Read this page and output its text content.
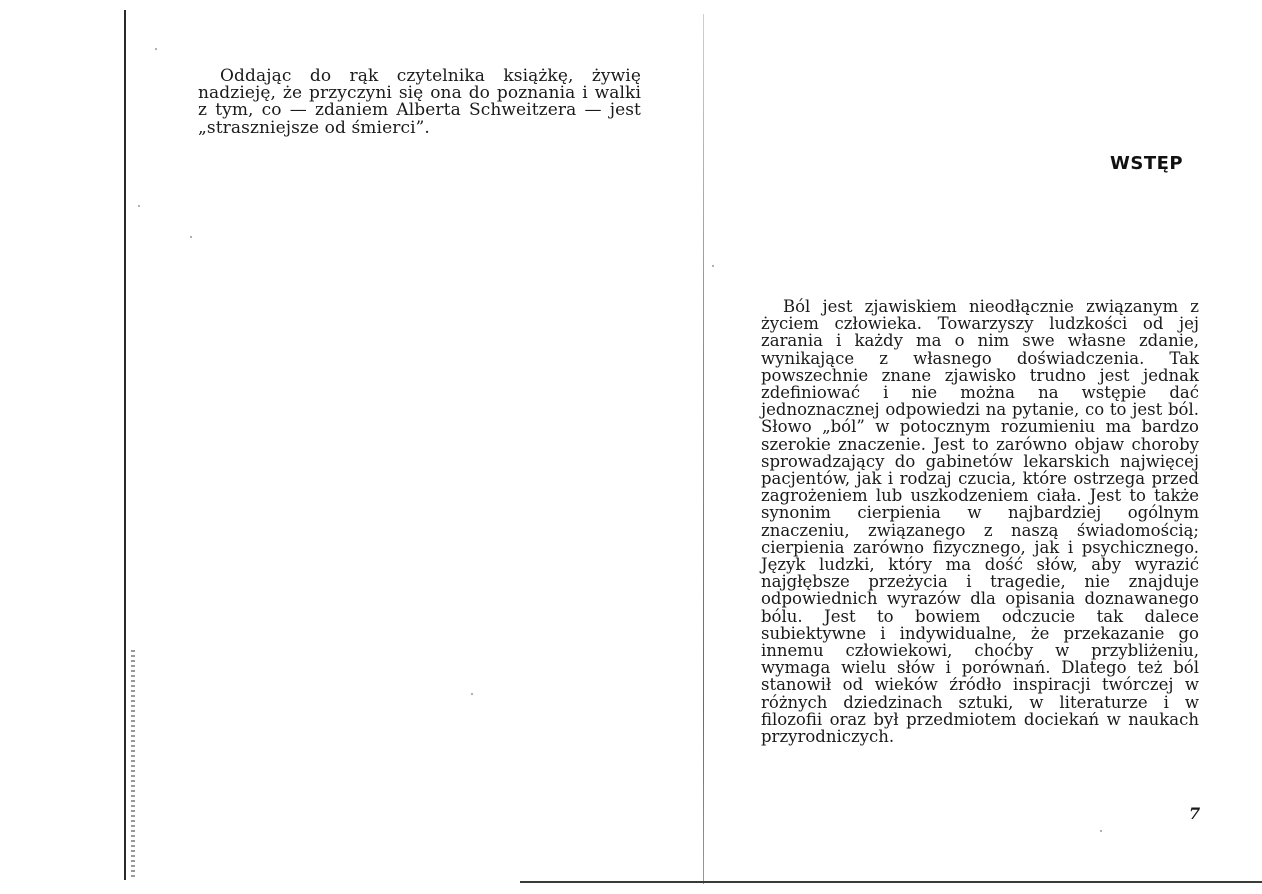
Oddając do rąk czytelnika książkę, żywię nadzieję, że przyczyni się ona do poznania i walki z tym, co — zdaniem Alberta Schweitzera — jest „straszniejsze od śmierci”.

WSTĘP

Ból jest zjawiskiem nieodłącznie związanym z życiem człowieka. Towarzyszy ludzkości od jej zarania i każdy ma o nim swe własne zdanie, wynikające z własnego doświadczenia. Tak powszechnie znane zjawisko trudno jest jednak zdefiniować i nie można na wstępie dać jednoznacznej odpowiedzi na pytanie, co to jest ból. Słowo „ból” w potocznym rozumieniu ma bardzo szerokie znaczenie. Jest to zarówno objaw choroby sprowadzający do gabinetów lekarskich najwięcej pacjentów, jak i rodzaj czucia, które ostrzega przed zagrożeniem lub uszkodzeniem ciała. Jest to także synonim cierpienia w najbardziej ogólnym znaczeniu, związanego z naszą świadomością; cierpienia zarówno fizycznego, jak i psychicznego. Język ludzki, który ma dość słów, aby wyrazić najgłębsze przeżycia i tragedie, nie znajduje odpowiednich wyrazów dla opisania doznawanego bólu. Jest to bowiem odczucie tak dalece subiektywne i indywidualne, że przekazanie go innemu człowiekowi, choćby w przybliżeniu, wymaga wielu słów i porównań. Dlatego też ból stanowił od wieków źródło inspiracji twórczej w różnych dziedzinach sztuki, w literaturze i w filozofii oraz był przedmiotem dociekań w naukach przyrodniczych.

7
